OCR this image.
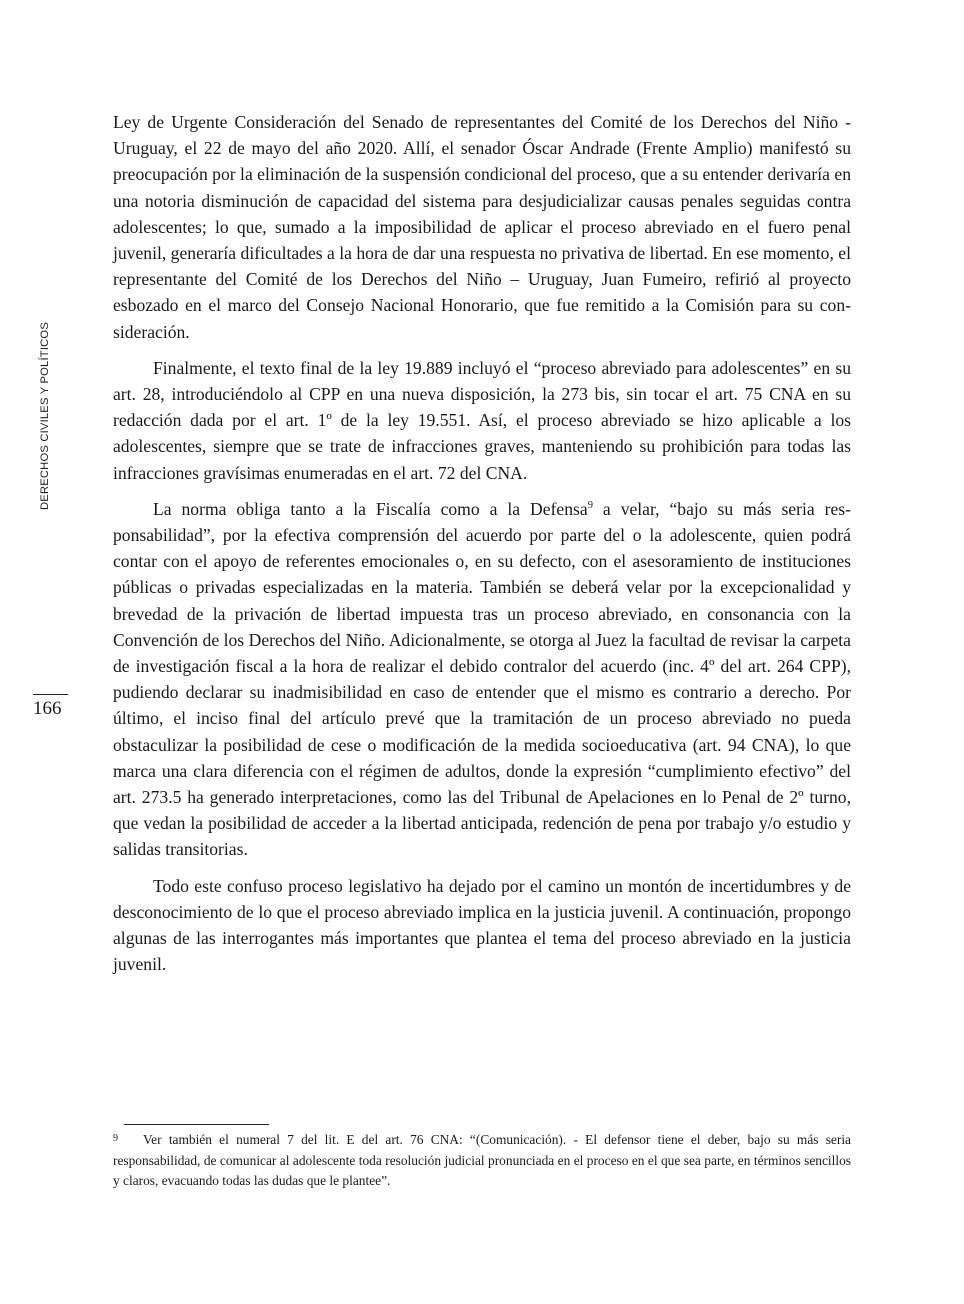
DERECHOS CIVILES Y POLÍTICOS
166

Ley de Urgente Consideración del Senado de representantes del Comité de los Derechos del Niño - Uruguay, el 22 de mayo del año 2020. Allí, el senador Óscar Andrade (Frente Amplio) manifestó su preocupación por la eliminación de la suspensión condicional del proceso, que a su entender derivaría en una notoria disminución de capacidad del sistema para desjudicializar causas penales seguidas contra adolescentes; lo que, sumado a la imposibilidad de aplicar el proceso abreviado en el fuero penal juvenil, generaría dificultades a la hora de dar una respuesta no privativa de libertad. En ese momento, el representante del Comité de los Derechos del Niño – Uruguay, Juan Fumeiro, refirió al proyecto esbozado en el marco del Consejo Nacional Honorario, que fue remitido a la Comisión para su consideración.

Finalmente, el texto final de la ley 19.889 incluyó el “proceso abreviado para adolescentes” en su art. 28, introduciéndolo al CPP en una nueva disposición, la 273 bis, sin tocar el art. 75 CNA en su redacción dada por el art. 1º de la ley 19.551. Así, el proceso abreviado se hizo aplicable a los adolescentes, siempre que se trate de infracciones graves, manteniendo su prohibición para todas las infracciones gravísimas enumeradas en el art. 72 del CNA.

La norma obliga tanto a la Fiscalía como a la Defensa$^9$ a velar, “bajo su más seria responsabilidad”, por la efectiva comprensión del acuerdo por parte del o la adolescente, quien podrá contar con el apoyo de referentes emocionales o, en su defecto, con el asesoramiento de instituciones públicas o privadas especializadas en la materia. También se deberá velar por la excepcionalidad y brevedad de la privación de libertad impuesta tras un proceso abreviado, en consonancia con la Convención de los Derechos del Niño. Adicionalmente, se otorga al Juez la facultad de revisar la carpeta de investigación fiscal a la hora de realizar el debido contralor del acuerdo (inc. 4º del art. 264 CPP), pudiendo declarar su inadmisibilidad en caso de entender que el mismo es contrario a derecho. Por último, el inciso final del artículo prevé que la tramitación de un proceso abreviado no pueda obstaculizar la posibilidad de cese o modificación de la medida socioeducativa (art. 94 CNA), lo que marca una clara diferencia con el régimen de adultos, donde la expresión “cumplimiento efectivo” del art. 273.5 ha generado interpretaciones, como las del Tribunal de Apelaciones en lo Penal de 2º turno, que vedan la posibilidad de acceder a la libertad anticipada, redención de pena por trabajo y/o estudio y salidas transitorias.

Todo este confuso proceso legislativo ha dejado por el camino un montón de incertidumbres y de desconocimiento de lo que el proceso abreviado implica en la justicia juvenil. A continuación, propongo algunas de las interrogantes más importantes que plantea el tema del proceso abreviado en la justicia juvenil.

9 Ver también el numeral 7 del lit. E del art. 76 CNA: “(Comunicación). - El defensor tiene el deber, bajo su más seria responsabilidad, de comunicar al adolescente toda resolución judicial pronunciada en el proceso en el que sea parte, en términos sencillos y claros, evacuando todas las dudas que le plantee”.
